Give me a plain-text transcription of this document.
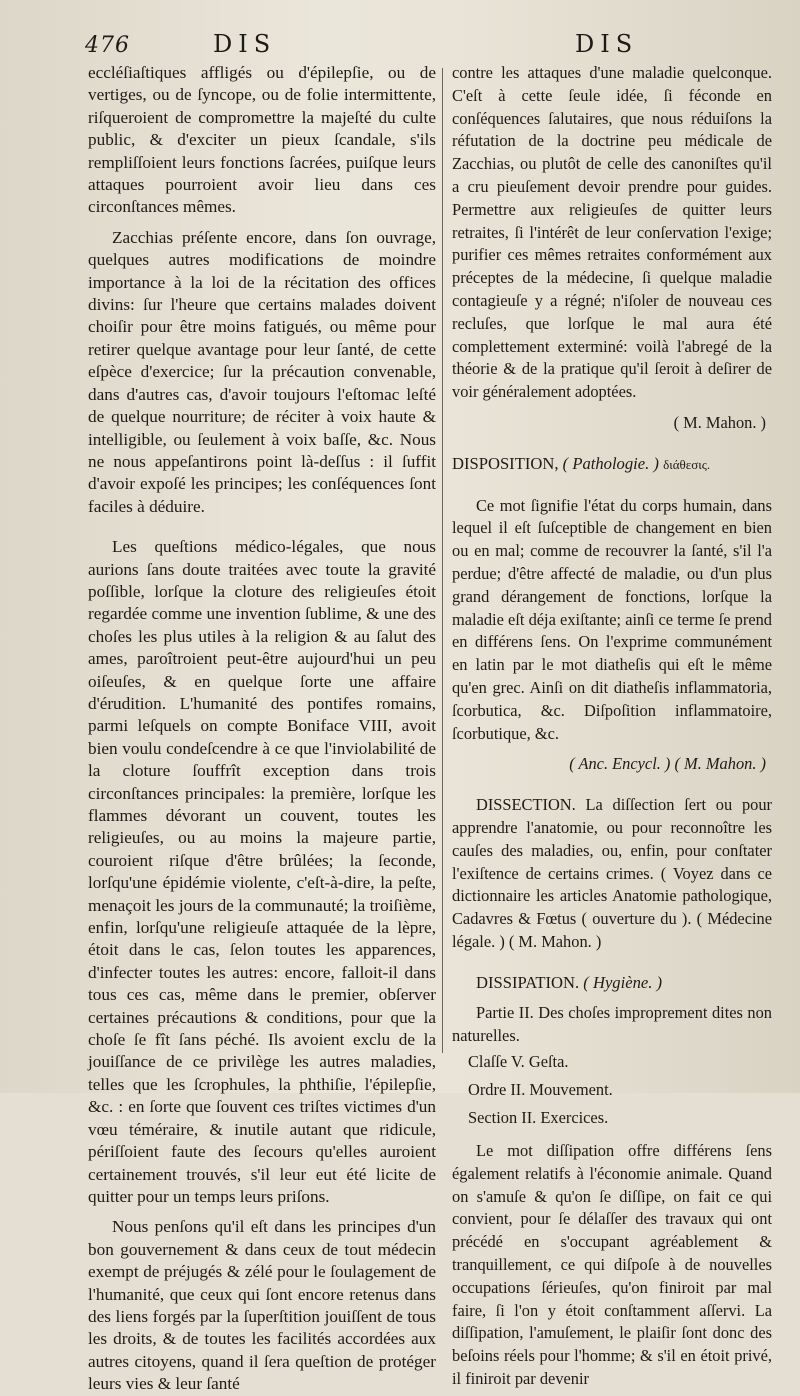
476	DIS	DIS

eccléſiaſtiques affligés ou d'épilepſie, ou de vertiges, ou de ſyncope, ou de folie intermittente, riſqueroient de compromettre la majeſté du culte public, & d'exciter un pieux ſcandale, s'ils rempliſſoient leurs fonctions ſacrées, puiſque leurs attaques pourroient avoir lieu dans ces circonſtances mêmes.

Zacchias préſente encore, dans ſon ouvrage, quelques autres modifications de moindre importance à la loi de la récitation des offices divins: ſur l'heure que certains malades doivent choiſir pour être moins fatigués, ou même pour retirer quelque avantage pour leur ſanté, de cette eſpèce d'exercice; ſur la précaution convenable, dans d'autres cas, d'avoir toujours l'eſtomac leſté de quelque nourriture; de réciter à voix haute & intelligible, ou ſeulement à voix baſſe, &c. Nous ne nous appeſantirons point là-deſſus : il ſuffit d'avoir expoſé les principes; les conſéquences ſont faciles à déduire.

Les queſtions médico-légales, que nous aurions ſans doute traitées avec toute la gravité poſſible, lorſque la cloture des religieuſes étoit regardée comme une invention ſublime, & une des choſes les plus utiles à la religion & au ſalut des ames, paroîtroient peut-être aujourd'hui un peu oiſeuſes, & en quelque ſorte une affaire d'érudition. L'humanité des pontifes romains, parmi leſquels on compte Boniface VIII, avoit bien voulu condeſcendre à ce que l'inviolabilité de la cloture ſouffrît exception dans trois circonſtances principales: la première, lorſque les flammes dévorant un couvent, toutes les religieuſes, ou au moins la majeure partie, couroient riſque d'être brûlées; la ſeconde, lorſqu'une épidémie violente, c'eſt-à-dire, la peſte, menaçoit les jours de la communauté; la troiſième, enfin, lorſqu'une religieuſe attaquée de la lèpre, étoit dans le cas, ſelon toutes les apparences, d'infecter toutes les autres: encore, falloit-il dans tous ces cas, même dans le premier, obſerver certaines précautions & conditions, pour que la choſe ſe fît ſans péché. Ils avoient exclu de la jouiſſance de ce privilège les autres maladies, telles que les ſcrophules, la phthiſie, l'épilepſie, &c. : en ſorte que ſouvent ces triſtes victimes d'un vœu téméraire, & inutile autant que ridicule, périſſoient faute des ſecours qu'elles auroient certainement trouvés, s'il leur eut été licite de quitter pour un temps leurs priſons.

Nous penſons qu'il eſt dans les principes d'un bon gouvernement & dans ceux de tout médecin exempt de préjugés & zélé pour le ſoulagement de l'humanité, que ceux qui ſont encore retenus dans des liens forgés par la ſuperſtition jouiſſent de tous les droits, & de toutes les facilités accordées aux autres citoyens, quand il ſera queſtion de protéger leurs vies & leur ſanté

contre les attaques d'une maladie quelconque. C'eſt à cette ſeule idée, ſi féconde en conſéquences ſalutaires, que nous réduiſons la réfutation de la doctrine peu médicale de Zacchias, ou plutôt de celle des canoniſtes qu'il a cru pieuſement devoir prendre pour guides. Permettre aux religieuſes de quitter leurs retraites, ſi l'intérêt de leur conſervation l'exige; purifier ces mêmes retraites conformément aux préceptes de la médecine, ſi quelque maladie contagieuſe y a régné; n'iſoler de nouveau ces recluſes, que lorſque le mal aura été complettement exterminé: voilà l'abregé de la théorie & de la pratique qu'il ſeroit à deſirer de voir généralement adoptées.

( M. Mahon. )

DISPOSITION, ( Pathologie. ) διάθεσις.

Ce mot ſignifie l'état du corps humain, dans lequel il eſt ſuſceptible de changement en bien ou en mal; comme de recouvrer la ſanté, s'il l'a perdue; d'être affecté de maladie, ou d'un plus grand dérangement de fonctions, lorſque la maladie eſt déja exiſtante; ainſi ce terme ſe prend en différens ſens. On l'exprime communément en latin par le mot diatheſis qui eſt le même qu'en grec. Ainſi on dit diatheſis inflammatoria, ſcorbutica, &c. Diſpoſition inflammatoire, ſcorbutique, &c.

( Anc. Encycl. ) ( M. Mahon. )

DISSECTION. La diſſection ſert ou pour apprendre l'anatomie, ou pour reconnoître les cauſes des maladies, ou, enfin, pour conſtater l'exiſtence de certains crimes. ( Voyez dans ce dictionnaire les articles Anatomie pathologique, Cadavres & Fœtus ( ouverture du ). ( Médecine légale. ) ( M. Mahon. )

DISSIPATION. ( Hygiène. )

Partie II. Des choſes improprement dites non naturelles.

Claſſe V. Geſta.

Ordre II. Mouvement.

Section II. Exercices.

Le mot diſſipation offre différens ſens également relatifs à l'économie animale. Quand on s'amuſe & qu'on ſe diſſipe, on fait ce qui convient, pour ſe délaſſer des travaux qui ont précédé en s'occupant agréablement & tranquillement, ce qui diſpoſe à de nouvelles occupations ſérieuſes, qu'on finiroit par mal faire, ſi l'on y étoit conſtamment aſſervi. La diſſipation, l'amuſement, le plaiſir ſont donc des beſoins réels pour l'homme; & s'il en étoit privé, il finiroit par devenir
